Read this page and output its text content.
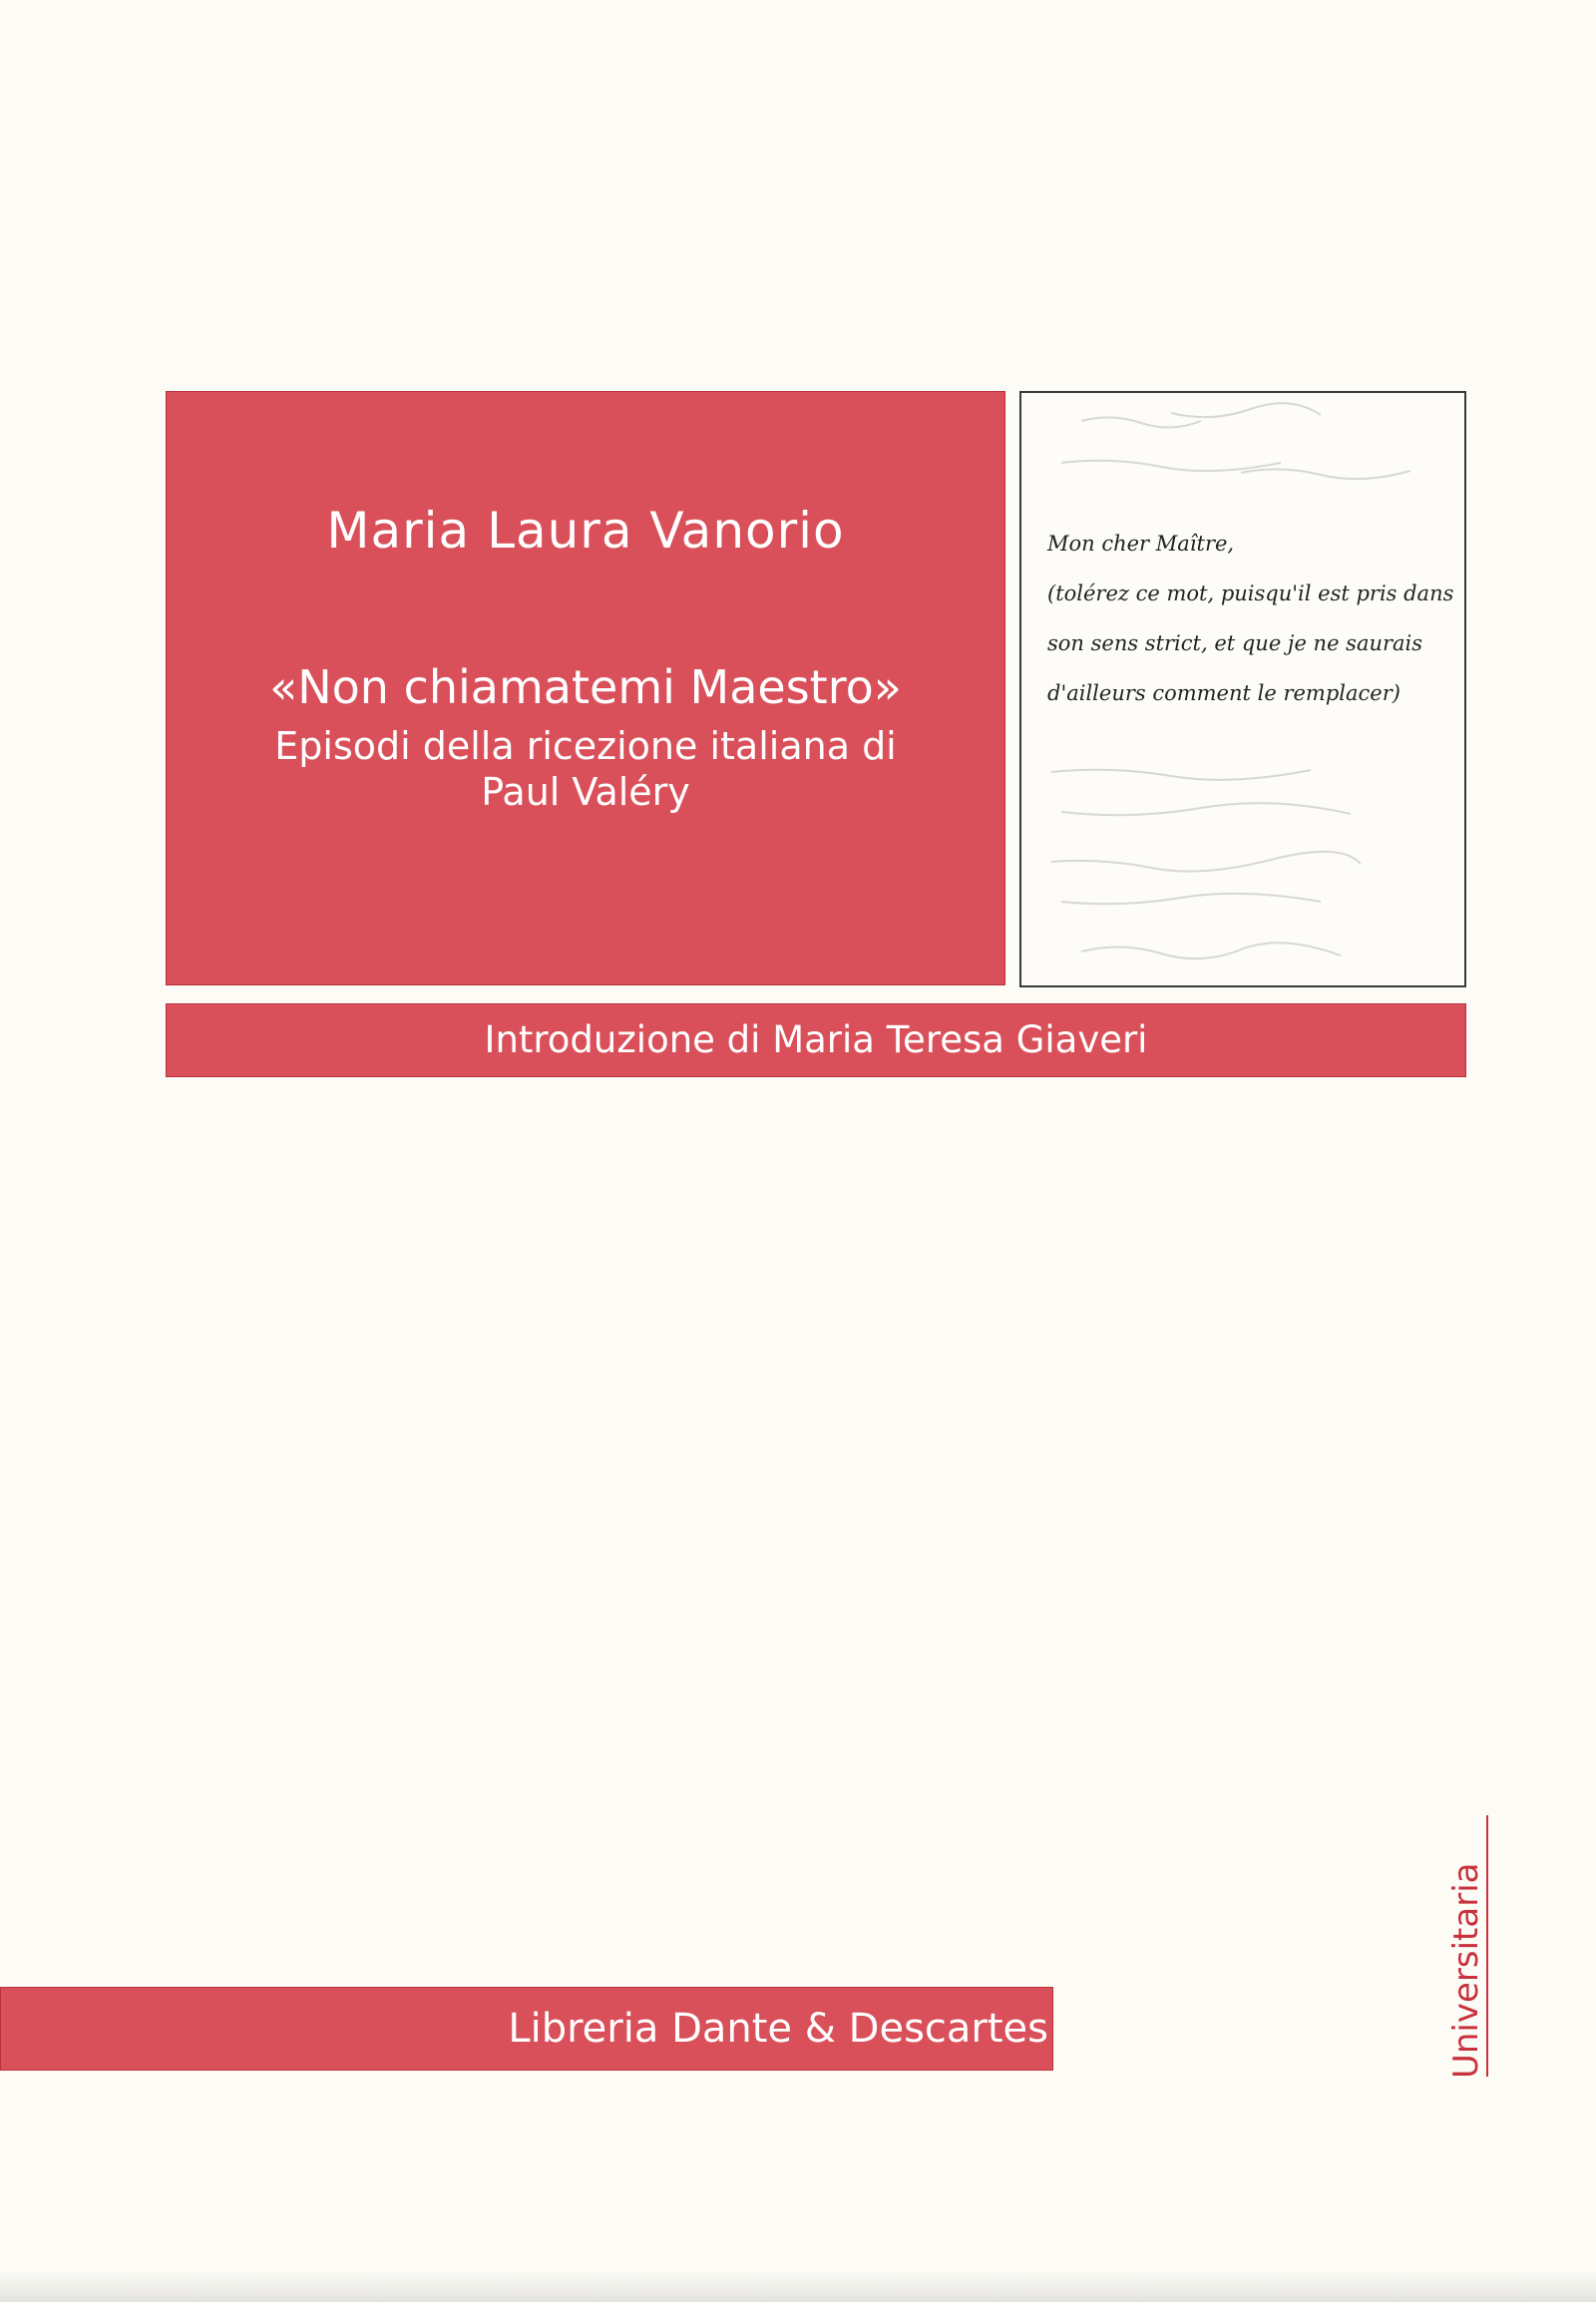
Maria Laura Vanorio
«Non chiamatemi Maestro»
Episodi della ricezione italiana di
Paul Valéry
Mon cher Maître,
(tolérez ce mot, puisqu'il est pris dans
son sens strict, et que je ne saurais
d'ailleurs comment le remplacer)
Introduzione di Maria Teresa Giaveri
Universitaria
Libreria Dante & Descartes
